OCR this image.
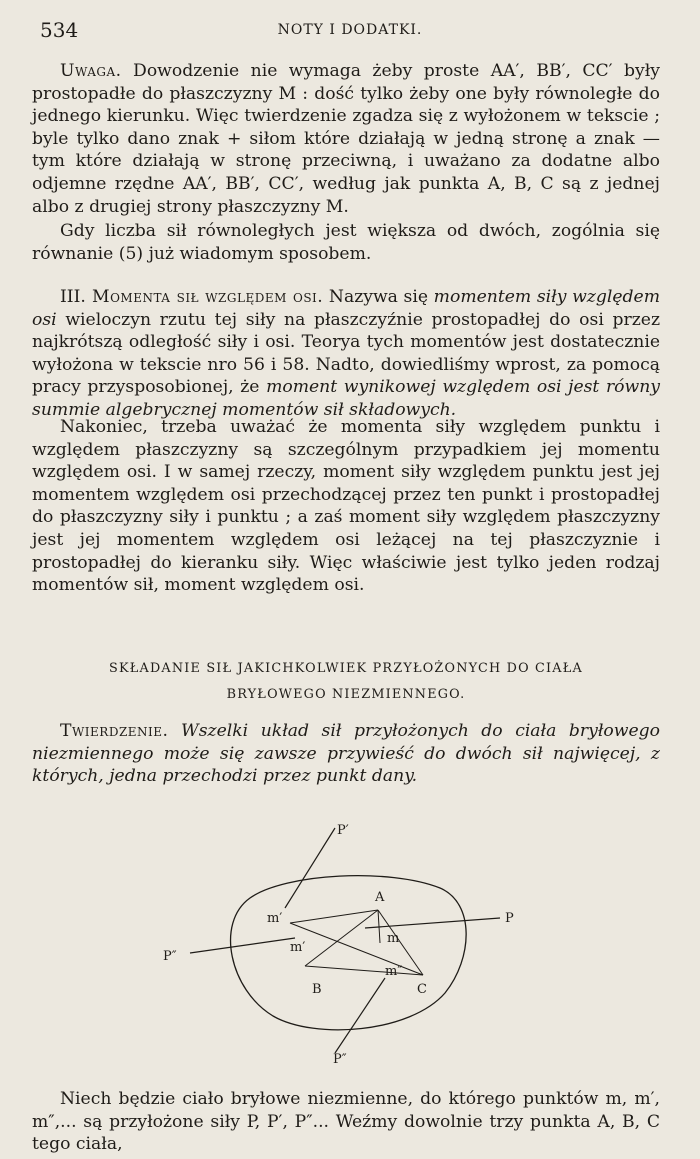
534	NOTY I DODATKI.

Uwaga. Dowodzenie nie wymaga żeby proste AA′, BB′, CC′ były prostopadłe do płaszczyzny M : dość tylko żeby one były równoległe do jednego kierunku. Więc twierdzenie zgadza się z wyłożonem w tekscie ; byle tylko dano znak + siłom które działają w jedną stronę a znak — tym które działają w stronę przeciwną, i uważano za dodatne albo odjemne rzędne AA′, BB′, CC′, według jak punkta A, B, C są z jednej albo z drugiej strony płaszczyzny M.

Gdy liczba sił równoległych jest większa od dwóch, zogólnia się równanie (5) już wiadomym sposobem.

III. Momenta sił względem osi. Nazywa się momentem siły względem osi wieloczyn rzutu tej siły na płaszczyźnie prostopadłej do osi przez najkrótszą odległość siły i osi. Teorya tych momentów jest dostatecznie wyłożona w tekscie nro 56 i 58. Nadto, dowiedliśmy wprost, za pomocą pracy przysposobionej, że moment wynikowej względem osi jest równy summie algebrycznej momentów sił składowych.

Nakoniec, trzeba uważać że momenta siły względem punktu i względem płaszczyzny są szczególnym przypadkiem jej momentu względem osi. I w samej rzeczy, moment siły względem punktu jest jej momentem względem osi przechodzącej przez ten punkt i prostopadłej do płaszczyzny siły i punktu ; a zaś moment siły względem płaszczyzny jest jej momentem względem osi leżącej na tej płaszczyznie i prostopadłej do kieranku siły. Więc właściwie jest tylko jeden rodzaj momentów sił, moment względem osi.

SKŁADANIE SIŁ JAKICHKOLWIEK PRZYŁOŻONYCH DO CIAŁA
BRYŁOWEGO NIEZMIENNEGO.

Twierdzenie. Wszelki układ sił przyłożonych do ciała bryłowego niezmiennego może się zawsze przywieść do dwóch sił najwięcej, z których, jedna przechodzi przez punkt dany.

P′
P
P″
P″
A
B	C
m′
m
m″
m′

Niech będzie ciało bryłowe niezmienne, do którego punktów m, m′, m″,... są przyłożone siły P, P′, P″... Weźmy dowolnie trzy punkta A, B, C tego ciała,
